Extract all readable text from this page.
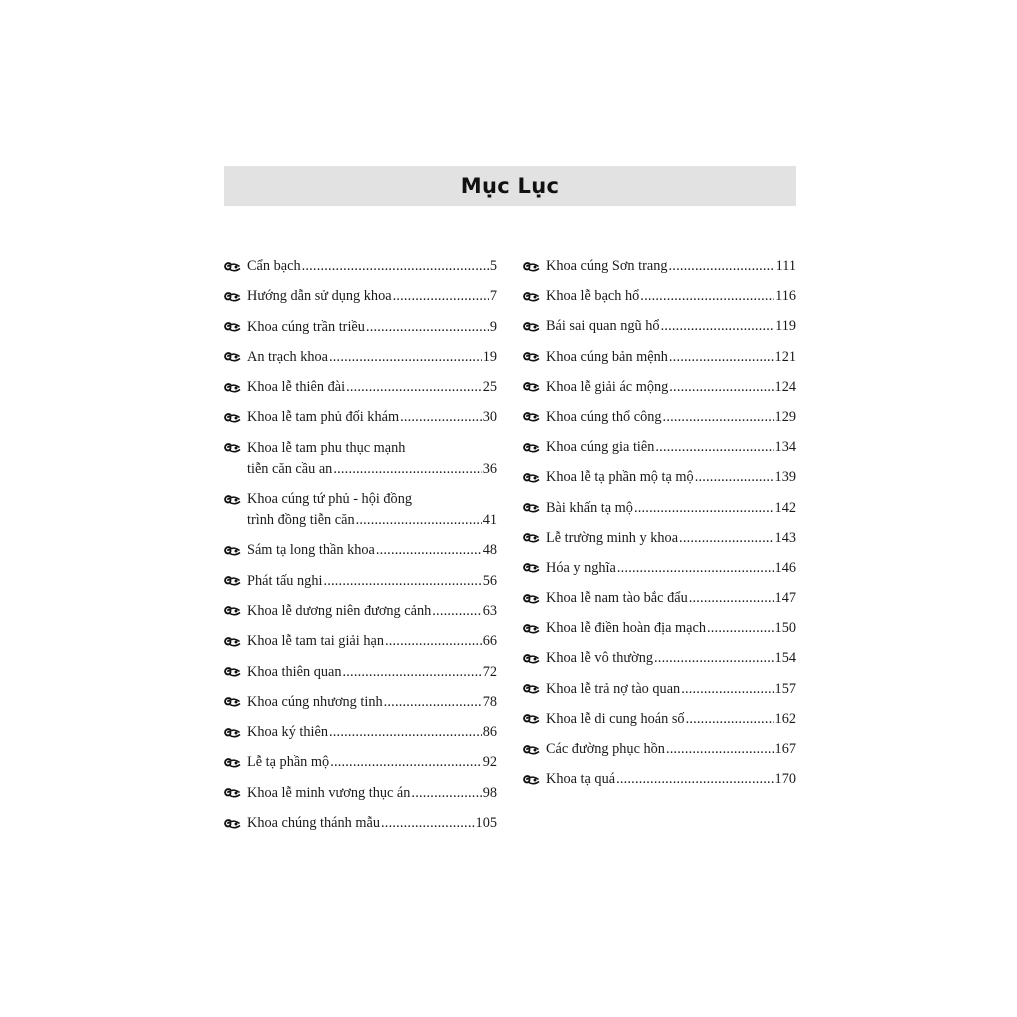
Mục Lục
Cẩn bạch .....	5
Hướng dẫn sử dụng khoa .....	7
Khoa cúng trần triều .....	9
An trạch khoa .....	19
Khoa lễ thiên đài .....	25
Khoa lễ tam phủ đối khám .....	30
Khoa lễ tam phu thục mạnh
tiễn căn cầu an .....	36
Khoa cúng tứ phủ - hội đồng
trình đồng tiễn căn .....	41
Sám tạ long thần khoa .....	48
Phát tấu nghi .....	56
Khoa lễ dương niên đương cảnh .....	63
Khoa lễ tam tai giải hạn .....	66
Khoa thiên quan .....	72
Khoa cúng nhương tinh .....	78
Khoa ký thiên .....	86
Lễ tạ phần mộ .....	92
Khoa lễ minh vương thục án .....	98
Khoa chúng thánh mẫu .....	105
Khoa cúng Sơn trang .....	111
Khoa lễ bạch hổ .....	116
Bái sai quan ngũ hổ .....	119
Khoa cúng bản mệnh .....	121
Khoa lễ giải ác mộng .....	124
Khoa cúng thổ công .....	129
Khoa cúng gia tiên .....	134
Khoa lễ tạ phần mộ tạ mộ .....	139
Bài khấn tạ mộ .....	142
Lễ trường minh y khoa .....	143
Hóa y nghĩa .....	146
Khoa lễ nam tào bắc đẩu .....	147
Khoa lễ điền hoàn địa mạch .....	150
Khoa lễ vô thường .....	154
Khoa lễ trả nợ tào quan .....	157
Khoa lễ di cung hoán số .....	162
Các đường phục hồn .....	167
Khoa tạ quá .....	170
